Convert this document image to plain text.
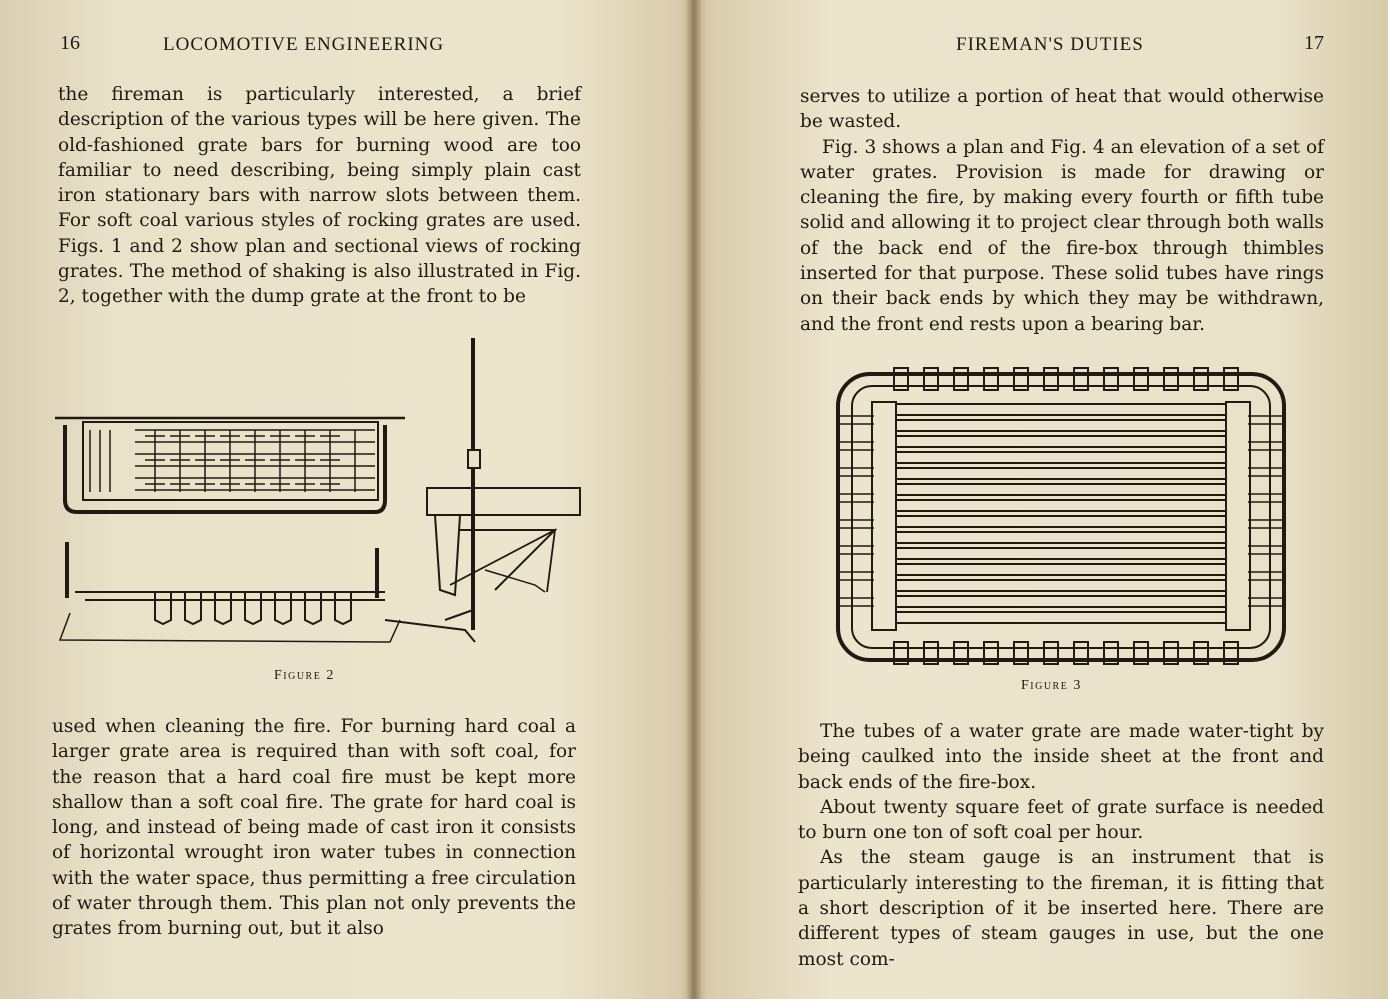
16	LOCOMOTIVE ENGINEERING

the fireman is particularly interested, a brief description of the various types will be here given. The old-fashioned grate bars for burning wood are too familiar to need describing, being simply plain cast iron stationary bars with narrow slots between them. For soft coal various styles of rocking grates are used. Figs. 1 and 2 show plan and sectional views of rocking grates. The method of shaking is also illustrated in Fig. 2, together with the dump grate at the front to be

Figure 2

used when cleaning the fire. For burning hard coal a larger grate area is required than with soft coal, for the reason that a hard coal fire must be kept more shallow than a soft coal fire. The grate for hard coal is long, and instead of being made of cast iron it consists of horizontal wrought iron water tubes in connection with the water space, thus permitting a free circulation of water through them. This plan not only prevents the grates from burning out, but it also

FIREMAN'S DUTIES	17

serves to utilize a portion of heat that would otherwise be wasted.

Fig. 3 shows a plan and Fig. 4 an elevation of a set of water grates. Provision is made for drawing or cleaning the fire, by making every fourth or fifth tube solid and allowing it to project clear through both walls of the back end of the fire-box through thimbles inserted for that purpose. These solid tubes have rings on their back ends by which they may be withdrawn, and the front end rests upon a bearing bar.

Figure 3

The tubes of a water grate are made water-tight by being caulked into the inside sheet at the front and back ends of the fire-box.

About twenty square feet of grate surface is needed to burn one ton of soft coal per hour.

As the steam gauge is an instrument that is particularly interesting to the fireman, it is fitting that a short description of it be inserted here. There are different types of steam gauges in use, but the one most com-
